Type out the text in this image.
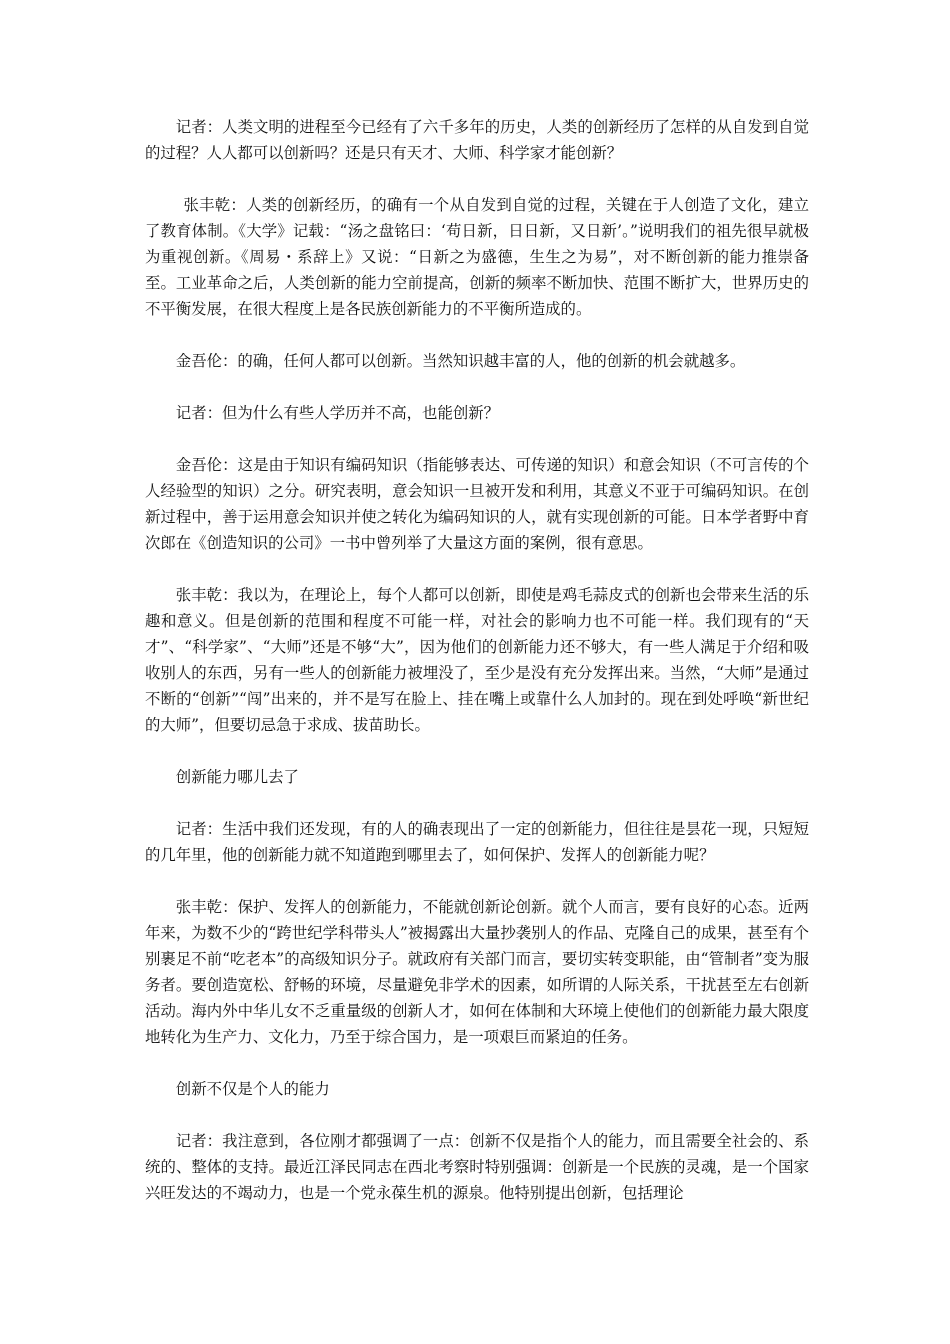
记者：人类文明的进程至今已经有了六千多年的历史，人类的创新经历了怎样的从自发到自觉的过程？人人都可以创新吗？还是只有天才、大师、科学家才能创新？

张丰乾：人类的创新经历，的确有一个从自发到自觉的过程，关键在于人创造了文化，建立了教育体制。《大学》记载：“汤之盘铭曰：‘苟日新，日日新，又日新’。”说明我们的祖先很早就极为重视创新。《周易・系辞上》又说：“日新之为盛德，生生之为易”，对不断创新的能力推崇备至。工业革命之后，人类创新的能力空前提高，创新的频率不断加快、范围不断扩大，世界历史的不平衡发展，在很大程度上是各民族创新能力的不平衡所造成的。

金吾伦：的确，任何人都可以创新。当然知识越丰富的人，他的创新的机会就越多。

记者：但为什么有些人学历并不高，也能创新？

金吾伦：这是由于知识有编码知识（指能够表达、可传递的知识）和意会知识（不可言传的个人经验型的知识）之分。研究表明，意会知识一旦被开发和利用，其意义不亚于可编码知识。在创新过程中，善于运用意会知识并使之转化为编码知识的人，就有实现创新的可能。日本学者野中育次郎在《创造知识的公司》一书中曾列举了大量这方面的案例，很有意思。

张丰乾：我以为，在理论上，每个人都可以创新，即使是鸡毛蒜皮式的创新也会带来生活的乐趣和意义。但是创新的范围和程度不可能一样，对社会的影响力也不可能一样。我们现有的“天才”、“科学家”、“大师”还是不够“大”，因为他们的创新能力还不够大，有一些人满足于介绍和吸收别人的东西，另有一些人的创新能力被埋没了，至少是没有充分发挥出来。当然，“大师”是通过不断的“创新”“闯”出来的，并不是写在脸上、挂在嘴上或靠什么人加封的。现在到处呼唤“新世纪的大师”，但要切忌急于求成、拔苗助长。

创新能力哪儿去了

记者：生活中我们还发现，有的人的确表现出了一定的创新能力，但往往是昙花一现，只短短的几年里，他的创新能力就不知道跑到哪里去了，如何保护、发挥人的创新能力呢？

张丰乾：保护、发挥人的创新能力，不能就创新论创新。就个人而言，要有良好的心态。近两年来，为数不少的“跨世纪学科带头人”被揭露出大量抄袭别人的作品、克隆自己的成果，甚至有个别裹足不前“吃老本”的高级知识分子。就政府有关部门而言，要切实转变职能，由“管制者”变为服务者。要创造宽松、舒畅的环境，尽量避免非学术的因素，如所谓的人际关系，干扰甚至左右创新活动。海内外中华儿女不乏重量级的创新人才，如何在体制和大环境上使他们的创新能力最大限度地转化为生产力、文化力，乃至于综合国力，是一项艰巨而紧迫的任务。

创新不仅是个人的能力

记者：我注意到，各位刚才都强调了一点：创新不仅是指个人的能力，而且需要全社会的、系统的、整体的支持。最近江泽民同志在西北考察时特别强调：创新是一个民族的灵魂，是一个国家兴旺发达的不竭动力，也是一个党永葆生机的源泉。他特别提出创新，包括理论
